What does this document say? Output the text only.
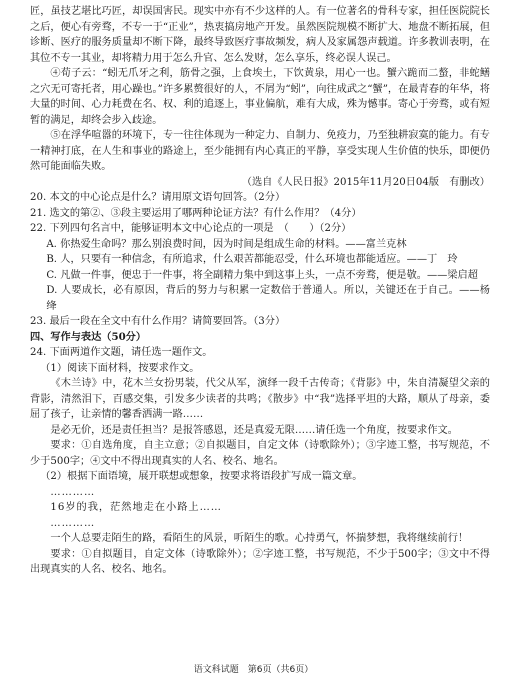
匠，虽技艺堪比巧匠，却误国害民。现实中亦有不少这样的人。有一位著名的骨科专家，担任医院院长之后，便心有旁骛，不专一于“正业”，热衷搞房地产开发。虽然医院规模不断扩大、地盘不断拓展，但诊断、医疗的服务质量却不断下降，最终导致医疗事故频发，病人及家属怨声载道。许多教训表明，在其位不专一其业，却将精力用于怎么升官、怎么发财，怎么享乐，终必误人误己。

④荀子云：“蚓无爪牙之利，筋骨之强，上食埃土，下饮黄泉，用心一也。蟹六跪而二螯，非蛇鳝之穴无可寄托者，用心躁也。”许多累赘很好的人，不屑为“蚓”，向往成武之“蟹”，在最青春的年华，将大量的时间、心力耗费在名、权、利的追逐上，事业偏航，难有大成，殊为憾事。寄心于旁骛，或有短暂的满足，却终会步入歧途。

⑤在浮华喧嚣的环境下，专一往往体现为一种定力、自制力、免疫力，乃至独耕寂寞的能力。有专一精神打底，在人生和事业的路途上，至少能拥有内心真正的平静，享受实现人生价值的快乐，即便仍然可能面临失败。

（选自《人民日报》2015年11月20日04版　有删改）

20. 本文的中心论点是什么？请用原文语句回答。（2分）

21. 选文的第②、③段主要运用了哪两种论证方法？有什么作用？（4分）

22. 下列四句名言中，能够证明本文中心论点的一项是　（　　）（2分）

A. 你热爱生命吗？那么别浪费时间，因为时间是组成生命的材料。——富兰克林

B. 人，只要有一种信念，有所追求，什么艰苦都能忍受，什么环境也都能适应。——丁　玲

C. 凡做一件事，便忠于一件事，将全副精力集中到这事上头，一点不旁骛，便是敬。——梁启超

D. 人要成长，必有原因，背后的努力与积累一定数倍于普通人。所以，关键还在于自己。——杨　绛

23. 最后一段在全文中有什么作用？请简要回答。（3分）

四、写作与表达（50分）

24. 下面两道作文题，请任选一题作文。

（1）阅读下面材料，按要求作文。

《木兰诗》中，花木兰女扮男装，代父从军，演绎一段千古传奇；《背影》中，朱自清凝望父亲的背影，清然泪下，百感交集，引发多少读者的共鸣；《散步》中“我”选择平坦的大路，顺从了母亲，委屈了孩子，让亲情的馨香洒满一路……

是必无价，还是责任担当？是报答感恩，还是真爱无限……请任选一个角度，按要求作文。

要求：①自选角度，自主立意；②自拟题目，自定文体（诗歌除外）；③字迹工整，书写规范，不少于500字；④文中不得出现真实的人名、校名、地名。

（2）根据下面语境，展开联想或想象，按要求将语段扩写成一篇文章。

…………

16岁的我，茫然地走在小路上……

…………

一个人总要走陌生的路，看陌生的风景，听陌生的歌。心持勇气，怀揣梦想，我将继续前行！

要求：①自拟题目，自定文体（诗歌除外）；②字迹工整，书写规范，不少于500字；③文中不得出现真实的人名、校名、地名。

语文科试题　第6页（共6页）
